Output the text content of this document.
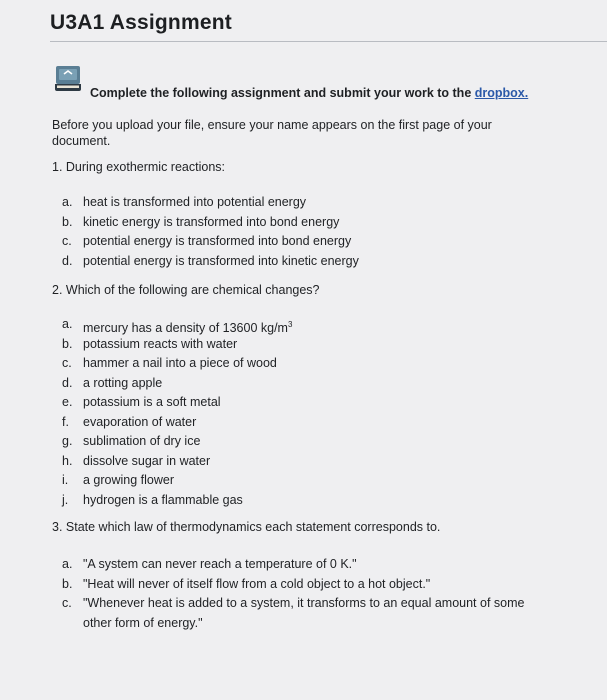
U3A1 Assignment
Complete the following assignment and submit your work to the dropbox.
Before you upload your file, ensure your name appears on the first page of your document.
1. During exothermic reactions:
a. heat is transformed into potential energy
b. kinetic energy is transformed into bond energy
c. potential energy is transformed into bond energy
d. potential energy is transformed into kinetic energy
2. Which of the following are chemical changes?
a. mercury has a density of 13600 $kg/m^3$
b. potassium reacts with water
c. hammer a nail into a piece of wood
d. a rotting apple
e. potassium is a soft metal
f. evaporation of water
g. sublimation of dry ice
h. dissolve sugar in water
i. a growing flower
j. hydrogen is a flammable gas
3. State which law of thermodynamics each statement corresponds to.
a. "A system can never reach a temperature of 0 K."
b. "Heat will never of itself flow from a cold object to a hot object."
c. "Whenever heat is added to a system, it transforms to an equal amount of some other form of energy."
